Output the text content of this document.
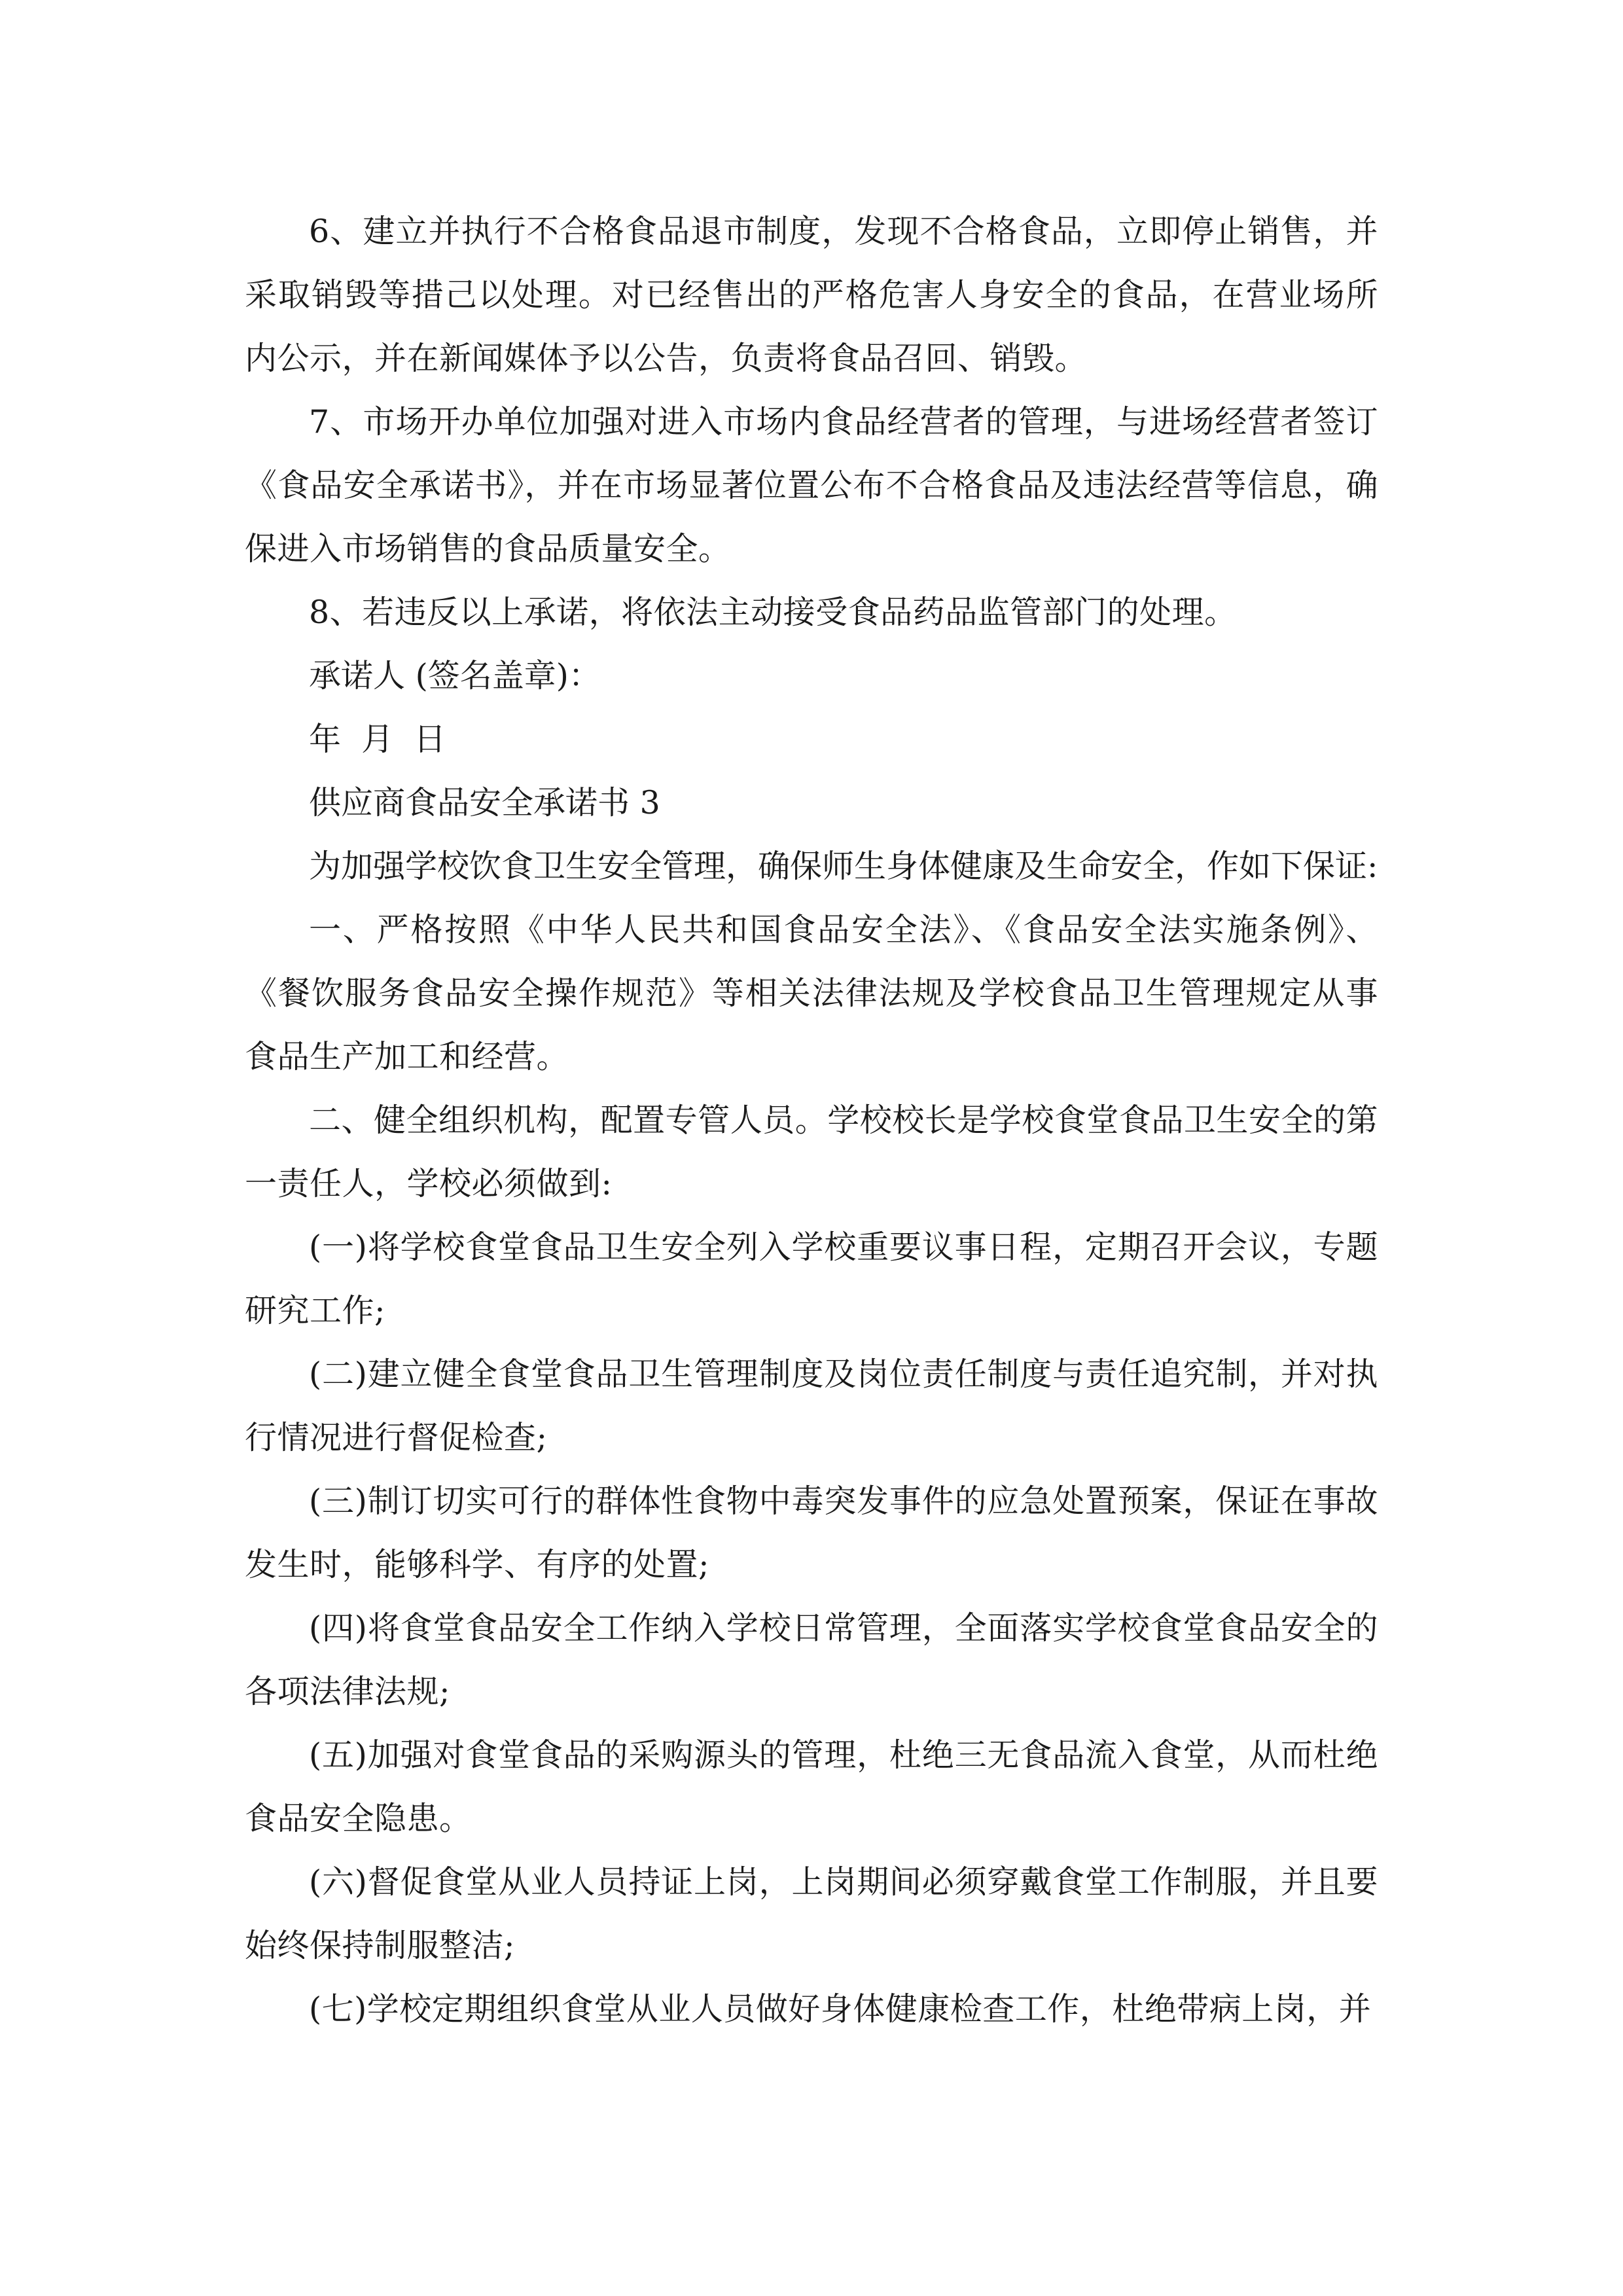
6、建立并执行不合格食品退市制度，发现不合格食品，立即停止销售，并采取销毁等措己以处理。对已经售出的严格危害人身安全的食品，在营业场所内公示，并在新闻媒体予以公告，负责将食品召回、销毁。

7、市场开办单位加强对进入市场内食品经营者的管理，与进场经营者签订《食品安全承诺书》，并在市场显著位置公布不合格食品及违法经营等信息，确保进入市场销售的食品质量安全。

8、若违反以上承诺，将依法主动接受食品药品监管部门的处理。

承诺人 (签名盖章)：

年  月  日

供应商食品安全承诺书 3

为加强学校饮食卫生安全管理，确保师生身体健康及生命安全，作如下保证:

一、严格按照《中华人民共和国食品安全法》、《食品安全法实施条例》、《餐饮服务食品安全操作规范》等相关法律法规及学校食品卫生管理规定从事食品生产加工和经营。

二、健全组织机构，配置专管人员。学校校长是学校食堂食品卫生安全的第一责任人，学校必须做到:

(一)将学校食堂食品卫生安全列入学校重要议事日程，定期召开会议，专题研究工作;

(二)建立健全食堂食品卫生管理制度及岗位责任制度与责任追究制，并对执行情况进行督促检查;

(三)制订切实可行的群体性食物中毒突发事件的应急处置预案，保证在事故发生时，能够科学、有序的处置;

(四)将食堂食品安全工作纳入学校日常管理，全面落实学校食堂食品安全的各项法律法规;

(五)加强对食堂食品的采购源头的管理，杜绝三无食品流入食堂，从而杜绝食品安全隐患。

(六)督促食堂从业人员持证上岗，上岗期间必须穿戴食堂工作制服，并且要始终保持制服整洁;

(七)学校定期组织食堂从业人员做好身体健康检查工作，杜绝带病上岗，并
